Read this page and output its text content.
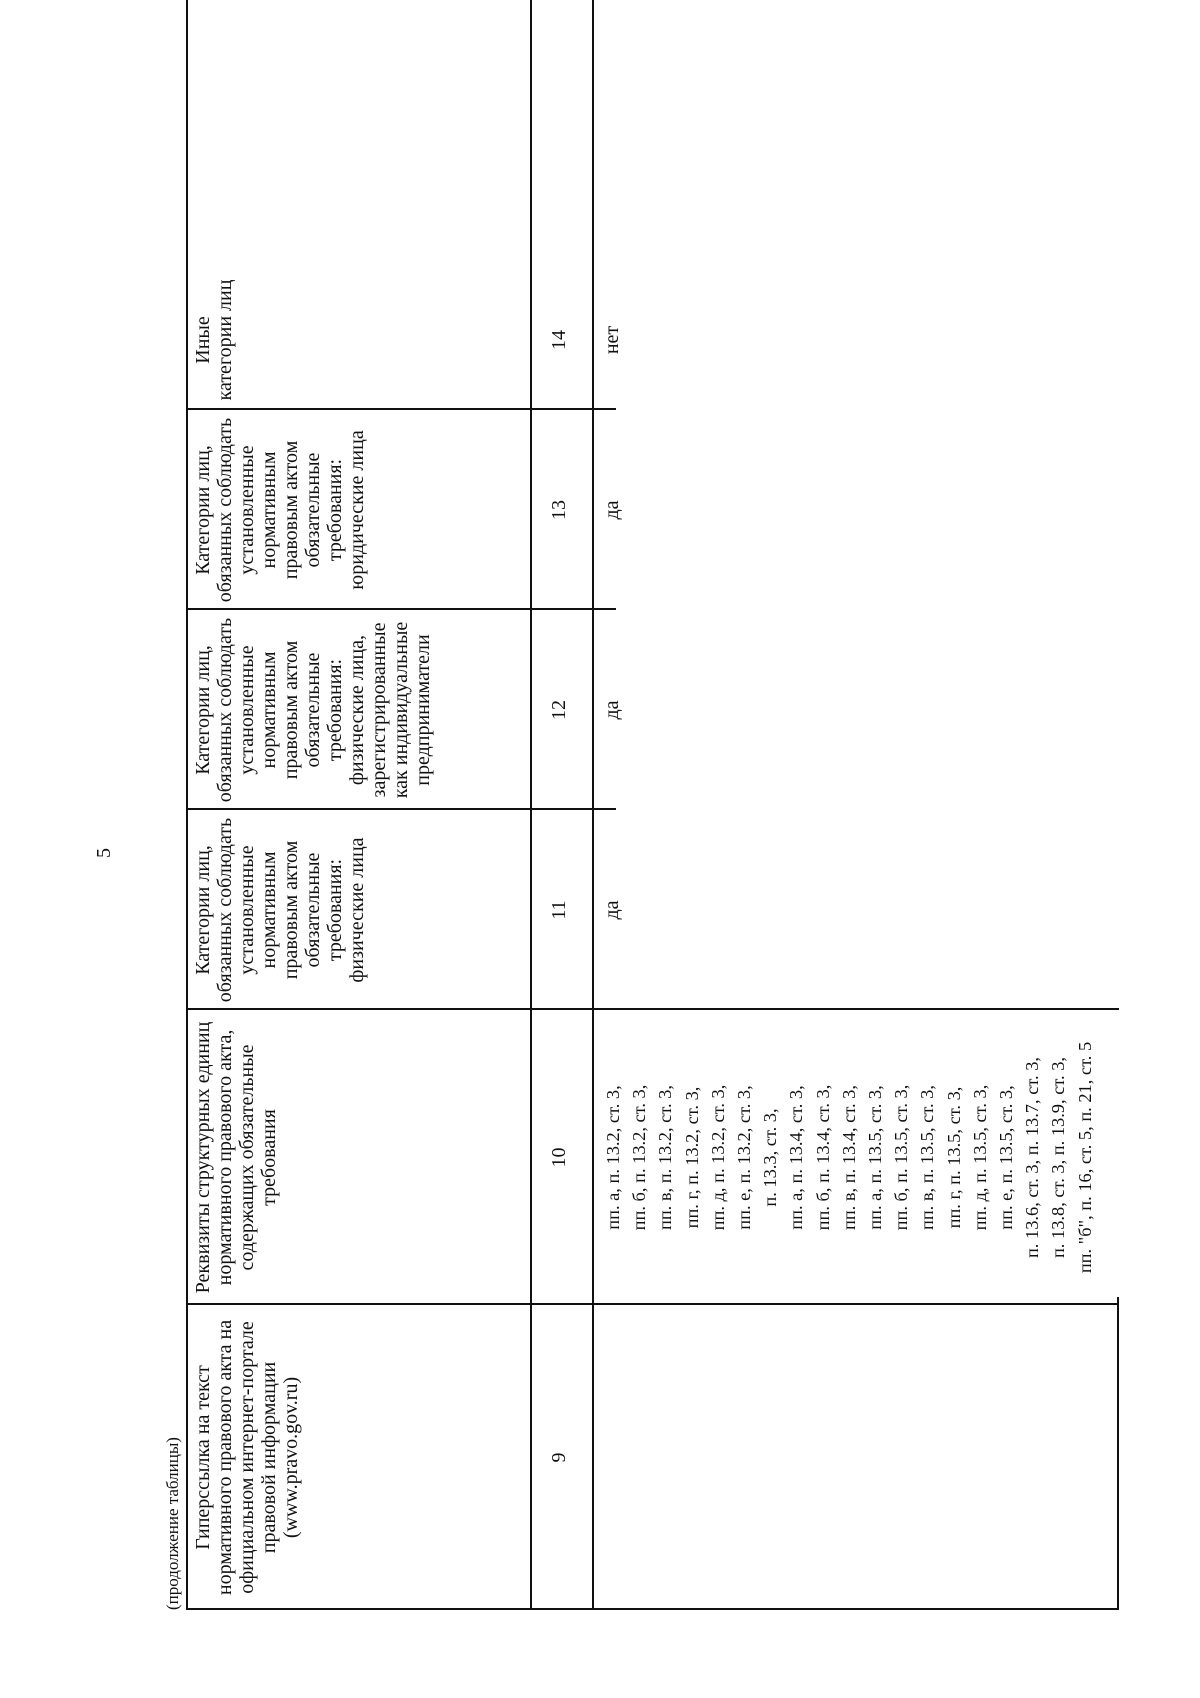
5
(продолжение таблицы) Гиперссылка на текст нормативного правового акта на официальном интернет-портале правовой информации (www.pravo.gov.ru)
Реквизиты структурных единиц нормативного правового акта, содержащих обязательные требования
Категории лиц, обязанных соблюдать установленные нормативным правовым актом обязательные требования: физические лица
Категории лиц, обязанных соблюдать установленные нормативным правовым актом обязательные требования: физические лица, зарегистрированные как индивидуальные предприниматели
Категории лиц, обязанных соблюдать установленные нормативным правовым актом обязательные требования: юридические лица
Иные категории лиц
9
10
11
12
13
14
пп. а, п. 13.2, ст. 3, пп. б, п. 13.2, ст. 3, пп. в, п. 13.2, ст. 3, пп. г, п. 13.2, ст. 3, пп. д, п. 13.2, ст. 3, пп. е, п. 13.2, ст. 3, п. 13.3, ст. 3, пп. а, п. 13.4, ст. 3, пп. б, п. 13.4, ст. 3, пп. в, п. 13.4, ст. 3, пп. а, п. 13.5, ст. 3, пп. б, п. 13.5, ст. 3, пп. в, п. 13.5, ст. 3, пп. г, п. 13.5, ст. 3, пп. д, п. 13.5, ст. 3, пп. е, п. 13.5, ст. 3, п. 13.6, ст. 3, п. 13.7, ст. 3, п. 13.8, ст. 3, п. 13.9, ст. 3, пп. "б", п. 16, ст. 5, п. 21, ст. 5
да
да
да
нет
